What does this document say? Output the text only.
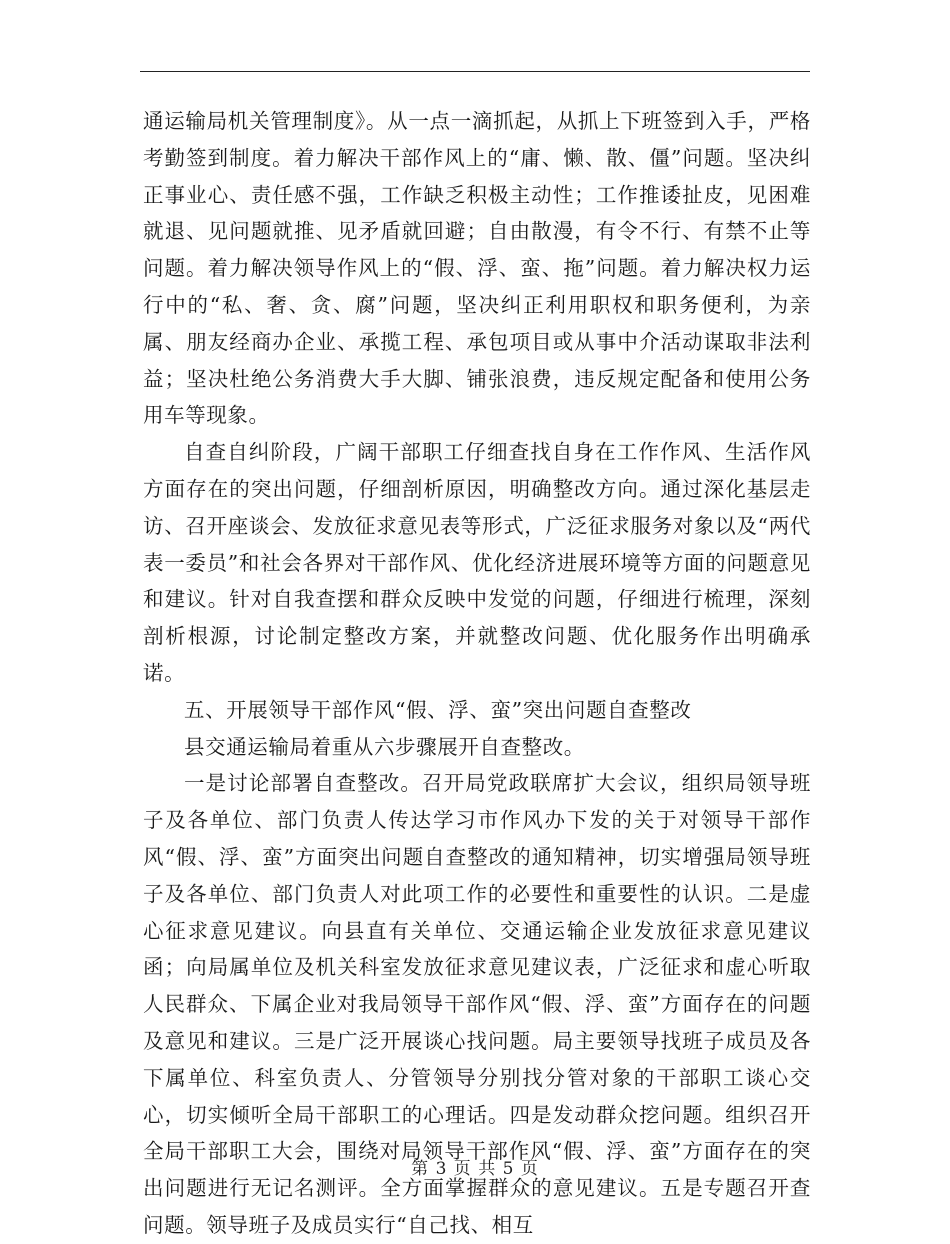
通运输局机关管理制度》。从一点一滴抓起，从抓上下班签到入手，严格考勤签到制度。着力解决干部作风上的“庸、懒、散、僵”问题。坚决纠正事业心、责任感不强，工作缺乏积极主动性；工作推诿扯皮，见困难就退、见问题就推、见矛盾就回避；自由散漫，有令不行、有禁不止等问题。着力解决领导作风上的“假、浮、蛮、拖”问题。着力解决权力运行中的“私、奢、贪、腐”问题，坚决纠正利用职权和职务便利，为亲属、朋友经商办企业、承揽工程、承包项目或从事中介活动谋取非法利益；坚决杜绝公务消费大手大脚、铺张浪费，违反规定配备和使用公务用车等现象。

自查自纠阶段，广阔干部职工仔细查找自身在工作作风、生活作风方面存在的突出问题，仔细剖析原因，明确整改方向。通过深化基层走访、召开座谈会、发放征求意见表等形式，广泛征求服务对象以及“两代表一委员”和社会各界对干部作风、优化经济进展环境等方面的问题意见和建议。针对自我查摆和群众反映中发觉的问题，仔细进行梳理，深刻剖析根源，讨论制定整改方案，并就整改问题、优化服务作出明确承诺。

五、开展领导干部作风“假、浮、蛮”突出问题自查整改

县交通运输局着重从六步骤展开自查整改。

一是讨论部署自查整改。召开局党政联席扩大会议，组织局领导班子及各单位、部门负责人传达学习市作风办下发的关于对领导干部作风“假、浮、蛮”方面突出问题自查整改的通知精神，切实增强局领导班子及各单位、部门负责人对此项工作的必要性和重要性的认识。二是虚心征求意见建议。向县直有关单位、交通运输企业发放征求意见建议函；向局属单位及机关科室发放征求意见建议表，广泛征求和虚心听取人民群众、下属企业对我局领导干部作风“假、浮、蛮”方面存在的问题及意见和建议。三是广泛开展谈心找问题。局主要领导找班子成员及各下属单位、科室负责人、分管领导分别找分管对象的干部职工谈心交心，切实倾听全局干部职工的心理话。四是发动群众挖问题。组织召开全局干部职工大会，围绕对局领导干部作风“假、浮、蛮”方面存在的突出问题进行无记名测评。全方面掌握群众的意见建议。五是专题召开查问题。领导班子及成员实行“自己找、相互

第 3 页 共 5 页
